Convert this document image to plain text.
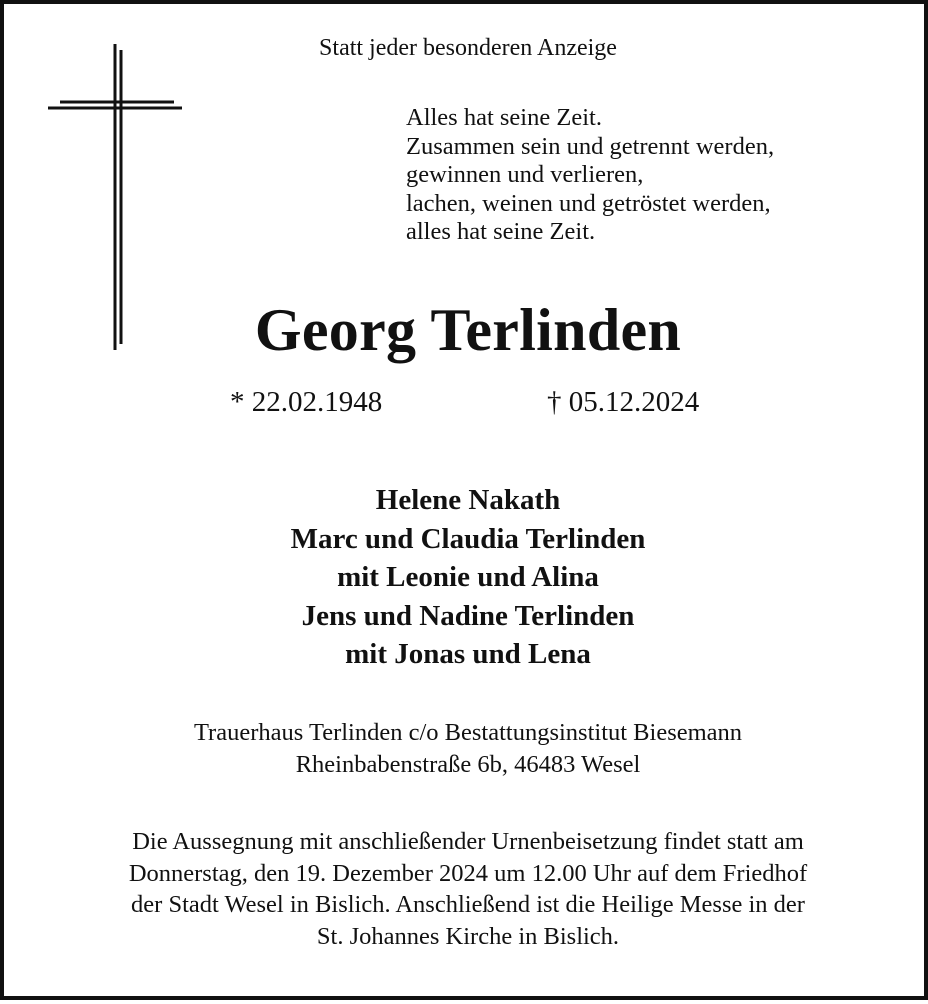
Statt jeder besonderen Anzeige
Alles hat seine Zeit.
Zusammen sein und getrennt werden,
gewinnen und verlieren,
lachen, weinen und getröstet werden,
alles hat seine Zeit.
Georg Terlinden
* 22.02.1948	† 05.12.2024
Helene Nakath
Marc und Claudia Terlinden
mit Leonie und Alina
Jens und Nadine Terlinden
mit Jonas und Lena
Trauerhaus Terlinden c/o Bestattungsinstitut Biesemann
Rheinbabenstraße 6b, 46483 Wesel
Die Aussegnung mit anschließender Urnenbeisetzung findet statt am
Donnerstag, den 19. Dezember 2024 um 12.00 Uhr auf dem Friedhof
der Stadt Wesel in Bislich. Anschließend ist die Heilige Messe in der
St. Johannes Kirche in Bislich.
